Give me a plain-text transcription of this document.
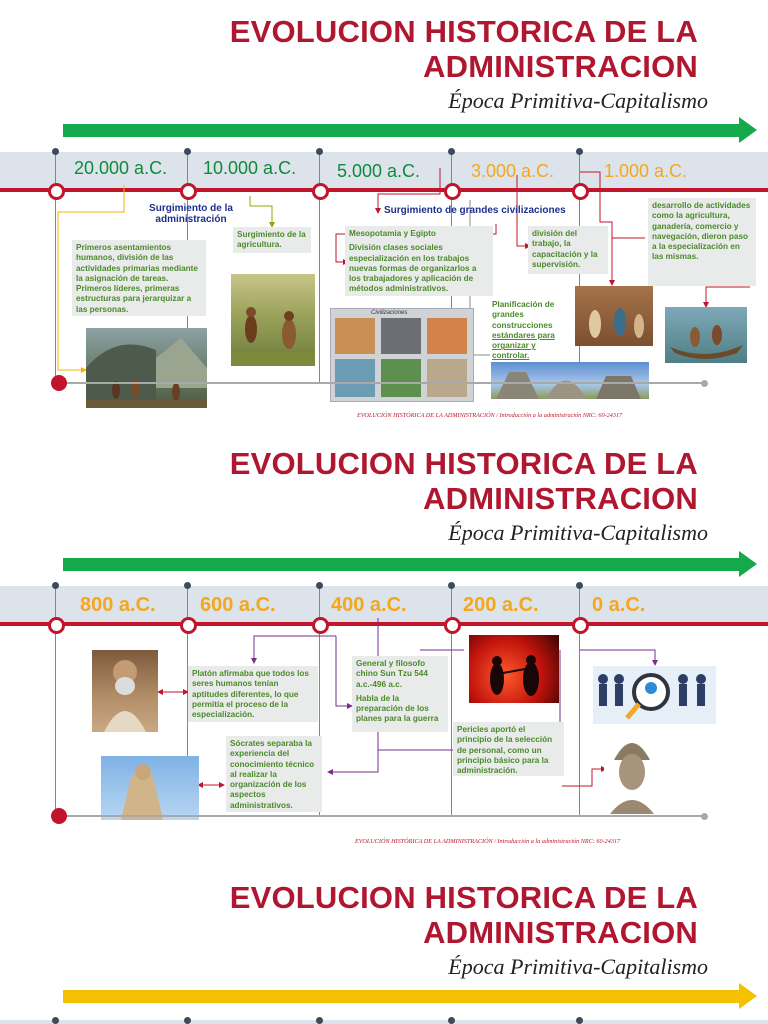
EVOLUCION HISTORICA DE LA
ADMINISTRACION
Época Primitiva-Capitalismo
20.000 a.C. 10.000 a.C. 5.000 a.C.	3.000 a.C.	1.000 a.C.
Surgimiento de la administración
Surgimiento de grandes civilizaciones
Primeros asentamientos humanos, división de las actividades primarias mediante la asignación de tareas. Primeros líderes, primeras estructuras para jerarquizar a las personas.
Surgimiento de la agricultura.
Mesopotamia y Egipto
División clases sociales especialización en los trabajos nuevas formas de organizarlos a los trabajadores y aplicación de métodos administrativos.
división del trabajo, la capacitación y la supervisión.
Planificación de grandes construcciones estándares para organizar y controlar.
desarrollo de actividades como la agricultura, ganadería, comercio y navegación, dieron paso a la especialización en las mismas.
Civilizaciones
EVOLUCIÓN HISTÓRICA DE LA ADMINISTRACIÓN / Introducción a la administración NRC: 60-24317
EVOLUCION HISTORICA DE LA
ADMINISTRACION
Época Primitiva-Capitalismo
800 a.C. 600 a.C.	400 a.C.	200 a.C.	0 a.C.
Platón afirmaba que todos los seres humanos tenían aptitudes diferentes, lo que permitía el proceso de la especialización.
Sócrates separaba la experiencia del conocimiento técnico al realizar la organización de los aspectos administrativos.
General y filosofo chino Sun Tzu 544 a.c.-496 a.c.
Habla de la preparación de los planes para la guerra
Pericles aportó el principio de la selección de personal, como un principio básico para la administración.
EVOLUCIÓN HISTÓRICA DE LA ADMINISTRACIÓN / Introducción a la administración NRC: 60-24317
EVOLUCION HISTORICA DE LA
ADMINISTRACION
Época Primitiva-Capitalismo
